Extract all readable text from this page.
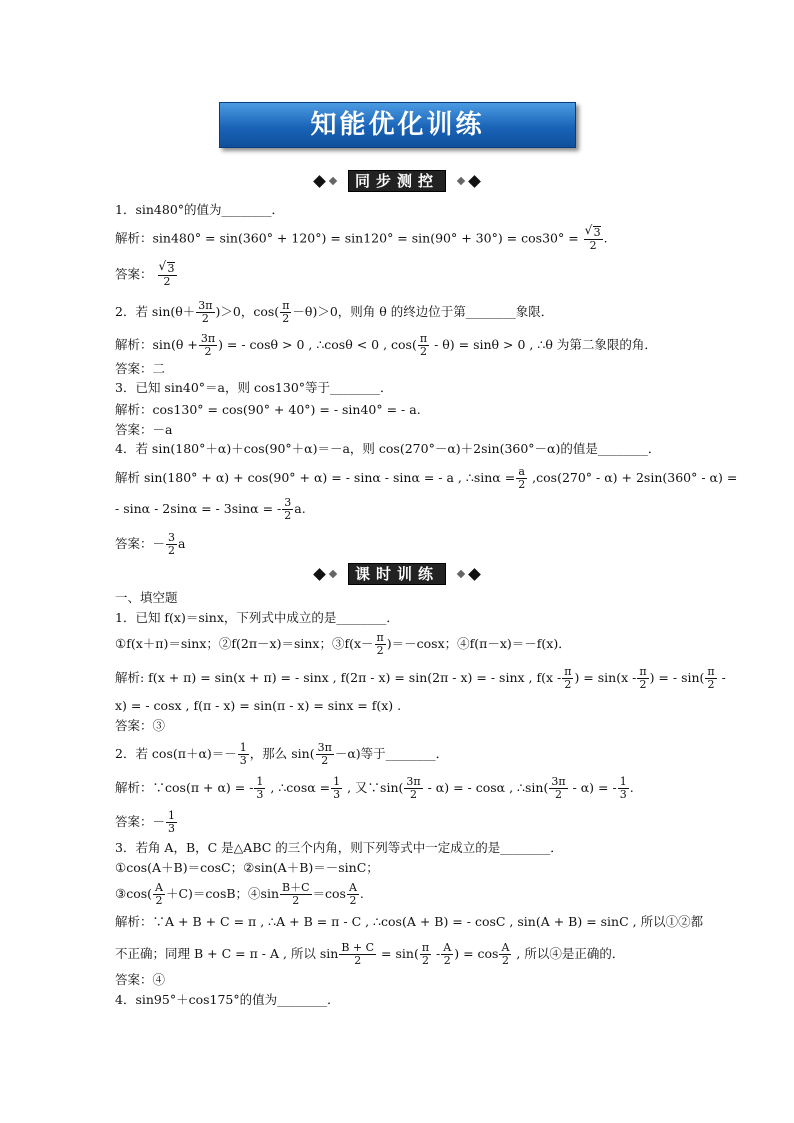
知能优化训练
同步测控
1．sin480°的值为________．
解析：sin480° = sin(360° + 120°) = sin120° = sin(90° + 30°) = cos30° = √ $\frac{3}{2}$ .
答案： √ $\frac{3}{2}$
2．若 $\sin(\theta+ \frac{3\pi}{2} )>0$，$\cos( \frac{\pi}{2} -\theta)>0$，则角 θ 的终边位于第________象限．
解析：$\sin(\theta + \frac{3\pi}{2}$ ) = - cosθ > 0 , ∴cosθ < 0 , $\cos( \frac{\pi}{2} - \theta) = \sin\theta > 0$ , ∴θ 为第二象限的角．
答案：二
3．已知 sin40°＝a，则 cos130°等于________．
解析：cos130° = cos(90° + 40°) = - sin40° = - a.
答案：－a
4．若 sin(180°＋α)＋cos(90°＋α)＝－a，则 cos(270°－α)＋2sin(360°－α)的值是________．
解析 sin(180° + α) + cos(90° + α) = - sinα - sinα = - a , ∴sinα = $\frac{a}{2} ,\cos(270^\circ - \alpha) + 2\sin(360^\circ - \alpha)$ =
- sinα - 2sinα = - 3sinα = - $\frac{3}{2} a$.
答案：－ $\frac{3}{2}$ a
课时训练
一、填空题
1．已知 f(x)＝sinx，下列式中成立的是________．
①f(x＋π)＝sinx；②f(2π－x)＝sinx；③f(x－ $\frac{\pi}{2} )=-\cos x$；④f(π－x)＝－f(x)．
解析: f(x + π) = sin(x + π) = - sinx , f(2π - x) = sin(2π - x) = - sinx , $f(x - \frac{\pi}{2}$ ) = $\sin(x - \frac{\pi}{2}$ ) = - $\sin( \frac{\pi}{2}$ -
x) = - cosx , f(π - x) = sin(π - x) = sinx = f(x) .
答案：③
2．若 $\cos(\pi+\alpha)=- \frac{1}{3}$ ，那么 $\sin( \frac{3\pi}{2} -\alpha)$等于________．
解析：∵cos(π + α) = - $\frac{1}{3}$ , ∴cosα = $\frac{1}{3}$ , 又∵sin( $\frac{3\pi}{2} - \alpha$) = - cosα , ∴sin( $\frac{3\pi}{2} - \alpha$) = - $\frac{1}{3}$ .
答案：－ $\frac{1}{3}$
3．若角 A，B，C 是△ABC 的三个内角，则下列等式中一定成立的是________．
①cos(A＋B)＝cosC；②sin(A＋B)＝－sinC；
③cos( $\frac{A}{2} +C)=\cos B$；④sin $\frac{B+C}{2} =\cos \frac{A}{2}$ .
解析：∵A + B + C = π , ∴A + B = π - C , ∴cos(A + B) = - cosC , sin(A + B) = sinC , 所以①②都
不正确；同理 B + C = π - A , 所以 $\sin \frac{B + C}{2} = \sin( \frac{\pi}{2} - \frac{A}{2}$ ) = $\cos \frac{A}{2}$ , 所以④是正确的．
答案：④
4．sin95°＋cos175°的值为________．
